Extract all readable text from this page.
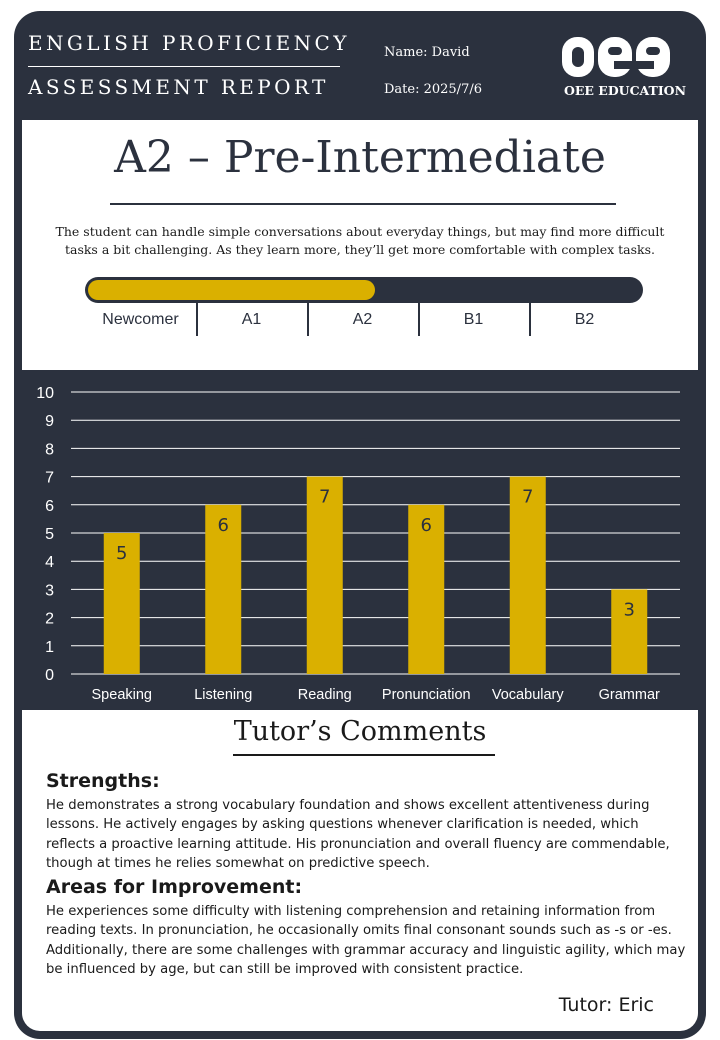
ENGLISH PROFICIENCY
ASSESSMENT REPORT
Name: David
Date: 2025/7/6	OEE EDUCATION
A2 – Pre-Intermediate
The student can handle simple conversations about everyday things, but may find more difficult tasks a bit challenging. As they learn more, they’ll get more comfortable with complex tasks.
Newcomer	A1	A2	B1	B2
0
1
2
3
4
5
6
7
8
9
10
5
Speaking
6
Listening
7
Reading
6
Pronunciation
7
Vocabulary
3
Grammar
Tutor’s Comments
Strengths:
He demonstrates a strong vocabulary foundation and shows excellent attentiveness during lessons. He actively engages by asking questions whenever clarification is needed, which reflects a proactive learning attitude. His pronunciation and overall fluency are commendable, though at times he relies somewhat on predictive speech.
Areas for Improvement:
He experiences some difficulty with listening comprehension and retaining information from reading texts. In pronunciation, he occasionally omits final consonant sounds such as -s or -es. Additionally, there are some challenges with grammar accuracy and linguistic agility, which may be influenced by age, but can still be improved with consistent practice.
Tutor: Eric
